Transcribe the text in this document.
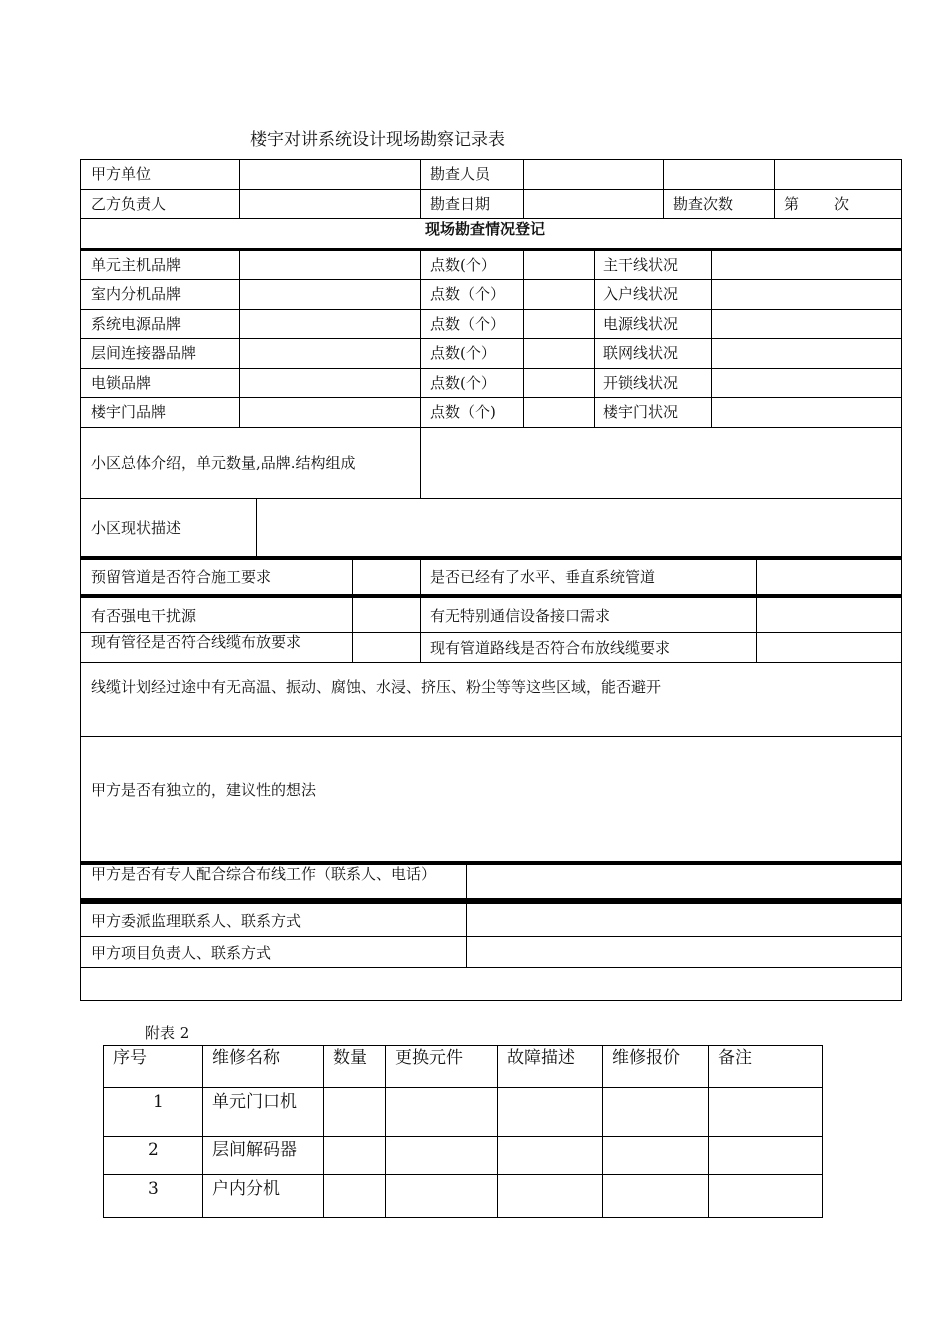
楼宇对讲系统设计现场勘察记录表
甲方单位	勘查人员
乙方负责人	勘查日期	勘查次数	第 次
现场勘查情况登记
单元主机品牌	点数(个）	主干线状况
室内分机品牌	点数（个）	入户线状况
系统电源品牌	点数（个）	电源线状况
层间连接器品牌	点数(个）	联网线状况
电锁品牌	点数(个）	开锁线状况
楼宇门品牌	点数（个)	楼宇门状况
小区总体介绍，单元数量,品牌.结构组成
小区现状描述
预留管道是否符合施工要求	是否已经有了水平、垂直系统管道
有否强电干扰源	有无特别通信设备接口需求
现有管径是否符合线缆布放要求	现有管道路线是否符合布放线缆要求
线缆计划经过途中有无高温、振动、腐蚀、水浸、挤压、粉尘等等这些区域，能否避开
甲方是否有独立的，建议性的想法
甲方是否有专人配合综合布线工作（联系人、电话）
甲方委派监理联系人、联系方式
甲方项目负责人、联系方式
附表 2
序号	维修名称	数量 更换元件	故障描述 维修报价 备注
1	单元门口机
2	层间解码器
3	户内分机
